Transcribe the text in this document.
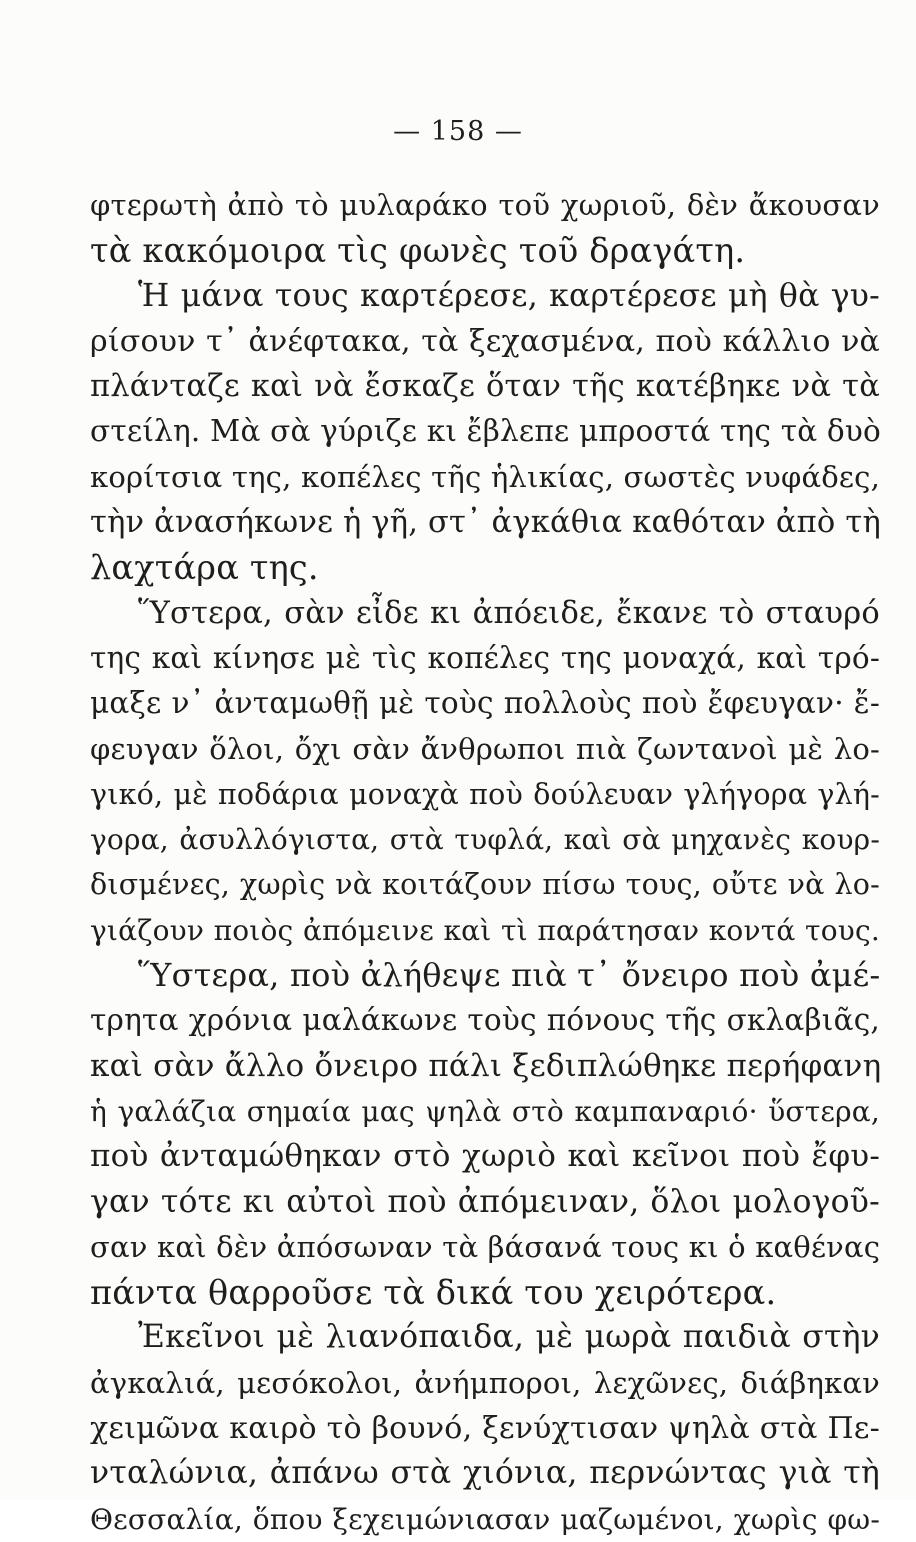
— 158 —
φτερωτὴ ἀπὸ τὸ μυλαράκο τοῦ χωριοῦ, δὲν ἄκουσαν
τὰ κακόμοιρα τὶς φωνὲς τοῦ δραγάτη.
Ἡ μάνα τους καρτέρεσε, καρτέρεσε μὴ θὰ γυ-
ρίσουν τ᾿ ἀνέφτακα, τὰ ξεχασμένα, ποὺ κάλλιο νὰ
πλάνταζε καὶ νὰ ἔσκαζε ὅταν τῆς κατέβηκε νὰ τὰ
στείλη. Μὰ σὰ γύριζε κι ἔβλεπε μπροστά της τὰ δυὸ
κορίτσια της, κοπέλες τῆς ἡλικίας, σωστὲς νυφάδες,
τὴν ἀνασήκωνε ἡ γῆ, στ᾿ ἀγκάθια καθόταν ἀπὸ τὴ
λαχτάρα της.
Ὕστερα, σὰν εἶδε κι ἀπόειδε, ἔκανε τὸ σταυρό
της καὶ κίνησε μὲ τὶς κοπέλες της μοναχά, καὶ τρό-
μαξε ν᾿ ἀνταμωθῇ μὲ τοὺς πολλοὺς ποὺ ἔφευγαν· ἔ-
φευγαν ὅλοι, ὄχι σὰν ἄνθρωποι πιὰ ζωντανοὶ μὲ λο-
γικό, μὲ ποδάρια μοναχὰ ποὺ δούλευαν γλήγορα γλή-
γορα, ἀσυλλόγιστα, στὰ τυφλά, καὶ σὰ μηχανὲς κουρ-
δισμένες, χωρὶς νὰ κοιτάζουν πίσω τους, οὔτε νὰ λο-
γιάζουν ποιὸς ἀπόμεινε καὶ τὶ παράτησαν κοντά τους.
Ὕστερα, ποὺ ἀλήθεψε πιὰ τ᾿ ὄνειρο ποὺ ἀμέ-
τρητα χρόνια μαλάκωνε τοὺς πόνους τῆς σκλαβιᾶς,
καὶ σὰν ἄλλο ὄνειρο πάλι ξεδιπλώθηκε περήφανη
ἡ γαλάζια σημαία μας ψηλὰ στὸ καμπαναριό· ὕστερα,
ποὺ ἀνταμώθηκαν στὸ χωριὸ καὶ κεῖνοι ποὺ ἔφυ-
γαν τότε κι αὐτοὶ ποὺ ἀπόμειναν, ὅλοι μολογοῦ-
σαν καὶ δὲν ἀπόσωναν τὰ βάσανά τους κι ὁ καθένας
πάντα θαρροῦσε τὰ δικά του χειρότερα.
Ἐκεῖνοι μὲ λιανόπαιδα, μὲ μωρὰ παιδιὰ στὴν
ἀγκαλιά, μεσόκολοι, ἀνήμποροι, λεχῶνες, διάβηκαν
χειμῶνα καιρὸ τὸ βουνό, ξενύχτισαν ψηλὰ στὰ Πε-
νταλώνια, ἀπάνω στὰ χιόνια, περνώντας γιὰ τὴ
Θεσσαλία, ὅπου ξεχειμώνιασαν μαζωμένοι, χωρὶς φω-
